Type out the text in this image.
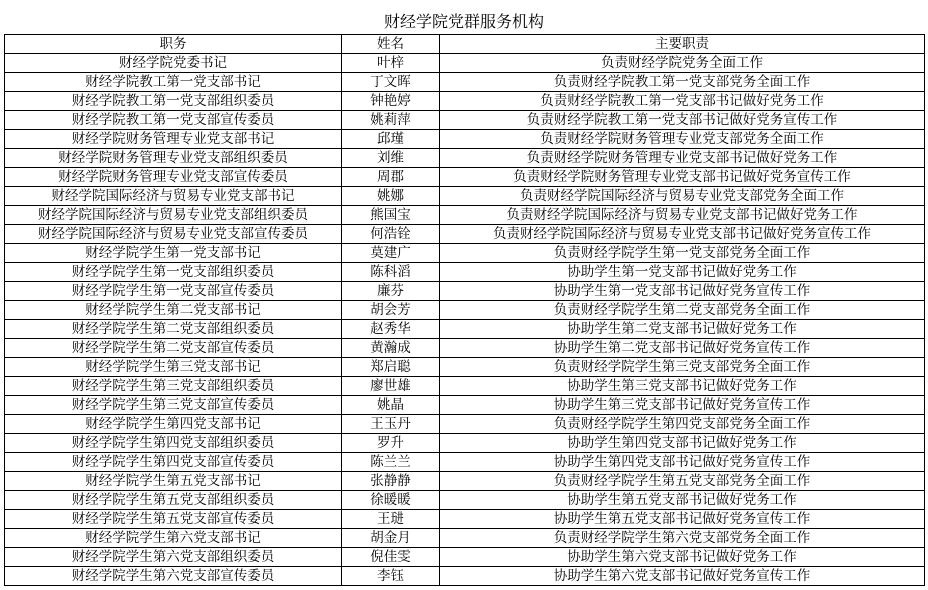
财经学院党群服务机构
职务	姓名	主要职责
财经学院党委书记	叶梓	负责财经学院党务全面工作
财经学院教工第一党支部书记	丁文晖	负责财经学院教工第一党支部党务全面工作
财经学院教工第一党支部组织委员	钟艳婷	负责财经学院教工第一党支部书记做好党务工作
财经学院教工第一党支部宣传委员	姚莉萍	负责财经学院教工第一党支部书记做好党务宣传工作
财经学院财务管理专业党支部书记	邱瑾	负责财经学院财务管理专业党支部党务全面工作
财经学院财务管理专业党支部组织委员	刘维	负责财经学院财务管理专业党支部书记做好党务工作
财经学院财务管理专业党支部宣传委员	周郡	负责财经学院财务管理专业党支部书记做好党务宣传工作
财经学院国际经济与贸易专业党支部书记	姚娜	负责财经学院国际经济与贸易专业党支部党务全面工作
财经学院国际经济与贸易专业党支部组织委员	熊国宝	负责财经学院国际经济与贸易专业党支部书记做好党务工作
财经学院国际经济与贸易专业党支部宣传委员	何浩铨	负责财经学院国际经济与贸易专业党支部书记做好党务宣传工作
财经学院学生第一党支部书记	莫建广	负责财经学院学生第一党支部党务全面工作
财经学院学生第一党支部组织委员	陈科滔	协助学生第一党支部书记做好党务工作
财经学院学生第一党支部宣传委员	廉芬	协助学生第一党支部书记做好党务宣传工作
财经学院学生第二党支部书记	胡会芳	负责财经学院学生第二党支部党务全面工作
财经学院学生第二党支部组织委员	赵秀华	协助学生第二党支部书记做好党务工作
财经学院学生第二党支部宣传委员	黄瀚成	协助学生第二党支部书记做好党务宣传工作
财经学院学生第三党支部书记	郑启聪	负责财经学院学生第三党支部党务全面工作
财经学院学生第三党支部组织委员	廖世雄	协助学生第三党支部书记做好党务工作
财经学院学生第三党支部宣传委员	姚晶	协助学生第三党支部书记做好党务宣传工作
财经学院学生第四党支部书记	王玉丹	负责财经学院学生第四党支部党务全面工作
财经学院学生第四党支部组织委员	罗升	协助学生第四党支部书记做好党务工作
财经学院学生第四党支部宣传委员	陈兰兰	协助学生第四党支部书记做好党务宣传工作
财经学院学生第五党支部书记	张静静	负责财经学院学生第五党支部党务全面工作
财经学院学生第五党支部组织委员	徐暖暖	协助学生第五党支部书记做好党务工作
财经学院学生第五党支部宣传委员	王琎	协助学生第五党支部书记做好党务宣传工作
财经学院学生第六党支部书记	胡金月	负责财经学院学生第六党支部党务全面工作
财经学院学生第六党支部组织委员	倪佳雯	协助学生第六党支部书记做好党务工作
财经学院学生第六党支部宣传委员	李钰	协助学生第六党支部书记做好党务宣传工作
